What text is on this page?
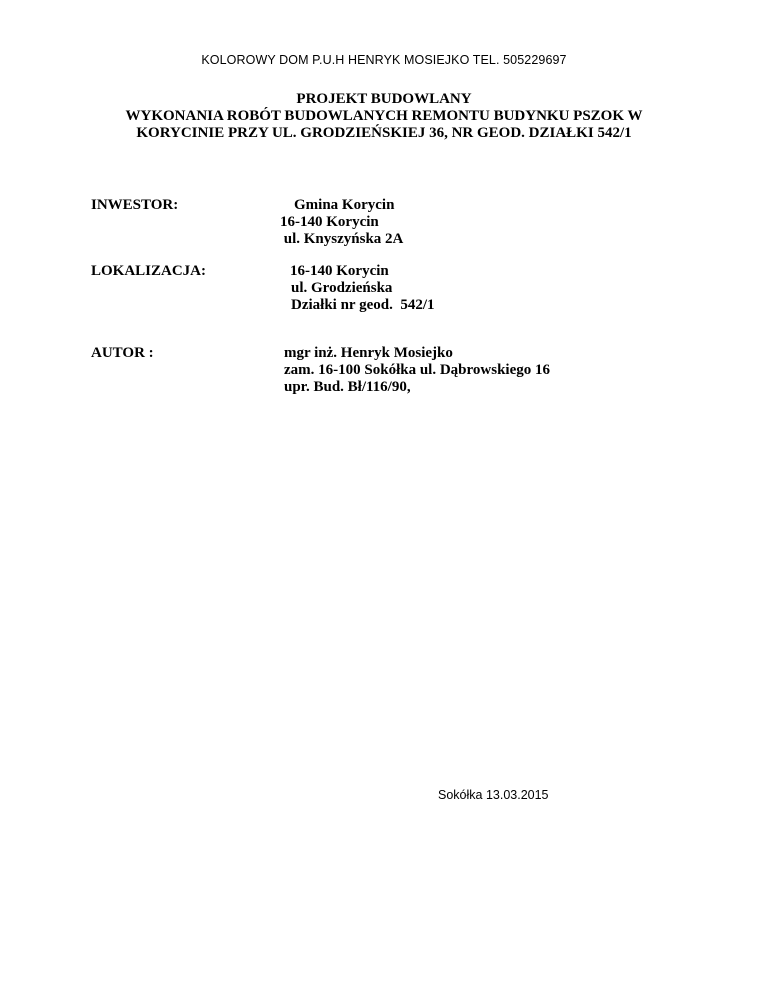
KOLOROWY DOM P.U.H HENRYK MOSIEJKO TEL. 505229697
PROJEKT BUDOWLANY
WYKONANIA ROBÓT BUDOWLANYCH REMONTU BUDYNKU PSZOK W
KORYCINIE PRZY UL. GRODZIEŃSKIEJ 36, NR GEOD. DZIAŁKI 542/1
INWESTOR:	Gmina Korycin
16-140 Korycin
ul. Knyszyńska 2A
LOKALIZACJA:	16-140 Korycin
ul. Grodzieńska
Działki nr geod.  542/1
AUTOR :	mgr inż. Henryk Mosiejko
zam. 16-100 Sokółka ul. Dąbrowskiego 16
upr. Bud. Bł/116/90,
Sokółka 13.03.2015
